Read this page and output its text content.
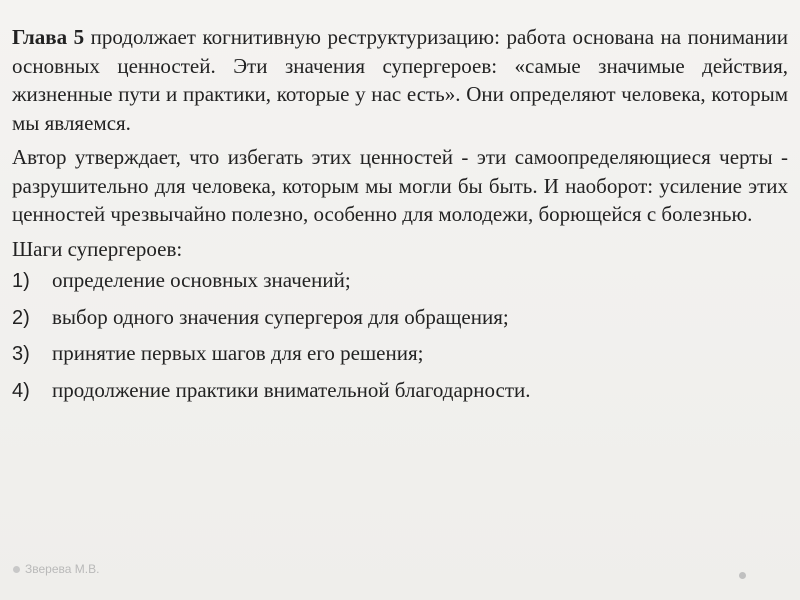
Глава 5 продолжает когнитивную реструктуризацию: работа основана на понимании основных ценностей. Эти значения супергероев: «самые значимые действия, жизненные пути и практики, которые у нас есть». Они определяют человека, которым мы являемся.

Автор утверждает, что избегать этих ценностей - эти самоопределяющиеся черты - разрушительно для человека, которым мы могли бы быть. И наоборот: усиление этих ценностей чрезвычайно полезно, особенно для молодежи, борющейся с болезнью.

Шаги супергероев:

1)	определение основных значений;
2)	выбор одного значения супергероя для обращения;
3)	принятие первых шагов для его решения;
4)	продолжение практики внимательной благодарности.
Зверева М.В.
